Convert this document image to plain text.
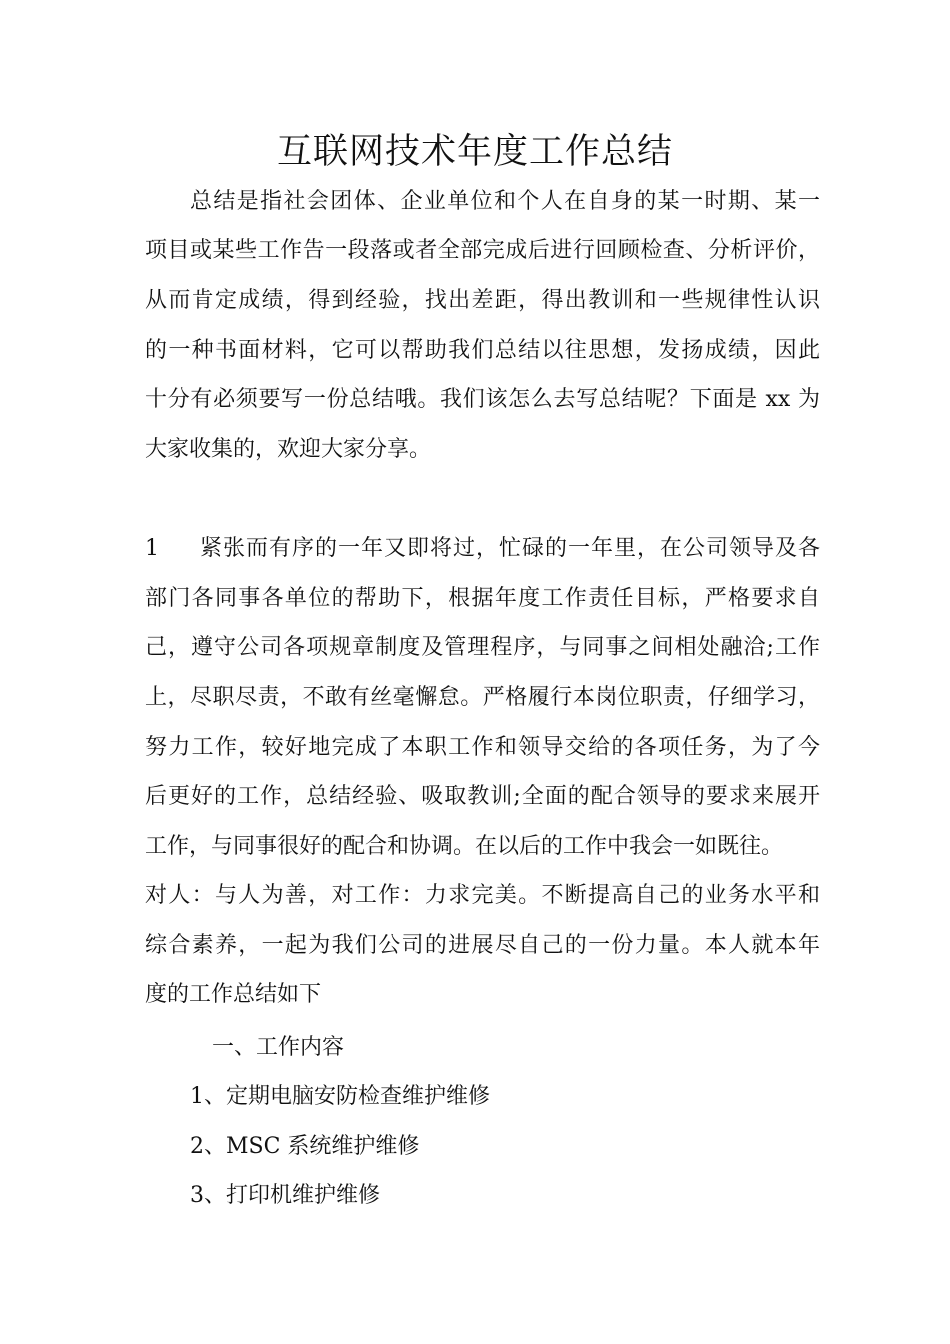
互联网技术年度工作总结
总结是指社会团体、企业单位和个人在自身的某一时期、某一
项目或某些工作告一段落或者全部完成后进行回顾检查、分析评价，
从而肯定成绩，得到经验，找出差距，得出教训和一些规律性认识
的一种书面材料，它可以帮助我们总结以往思想，发扬成绩，因此
十分有必须要写一份总结哦。我们该怎么去写总结呢？下面是 xx 为
大家收集的，欢迎大家分享。
1	紧张而有序的一年又即将过，忙碌的一年里，在公司领导及各
部门各同事各单位的帮助下，根据年度工作责任目标，严格要求自
己，遵守公司各项规章制度及管理程序，与同事之间相处融洽;工作
上，尽职尽责，不敢有丝毫懈怠。严格履行本岗位职责，仔细学习，
努力工作，较好地完成了本职工作和领导交给的各项任务，为了今
后更好的工作，总结经验、吸取教训;全面的配合领导的要求来展开
工作，与同事很好的配合和协调。在以后的工作中我会一如既往。
对人：与人为善，对工作：力求完美。不断提高自己的业务水平和
综合素养，一起为我们公司的进展尽自己的一份力量。本人就本年
度的工作总结如下
一、工作内容
1、定期电脑安防检查维护维修
2、MSC 系统维护维修
3、打印机维护维修
